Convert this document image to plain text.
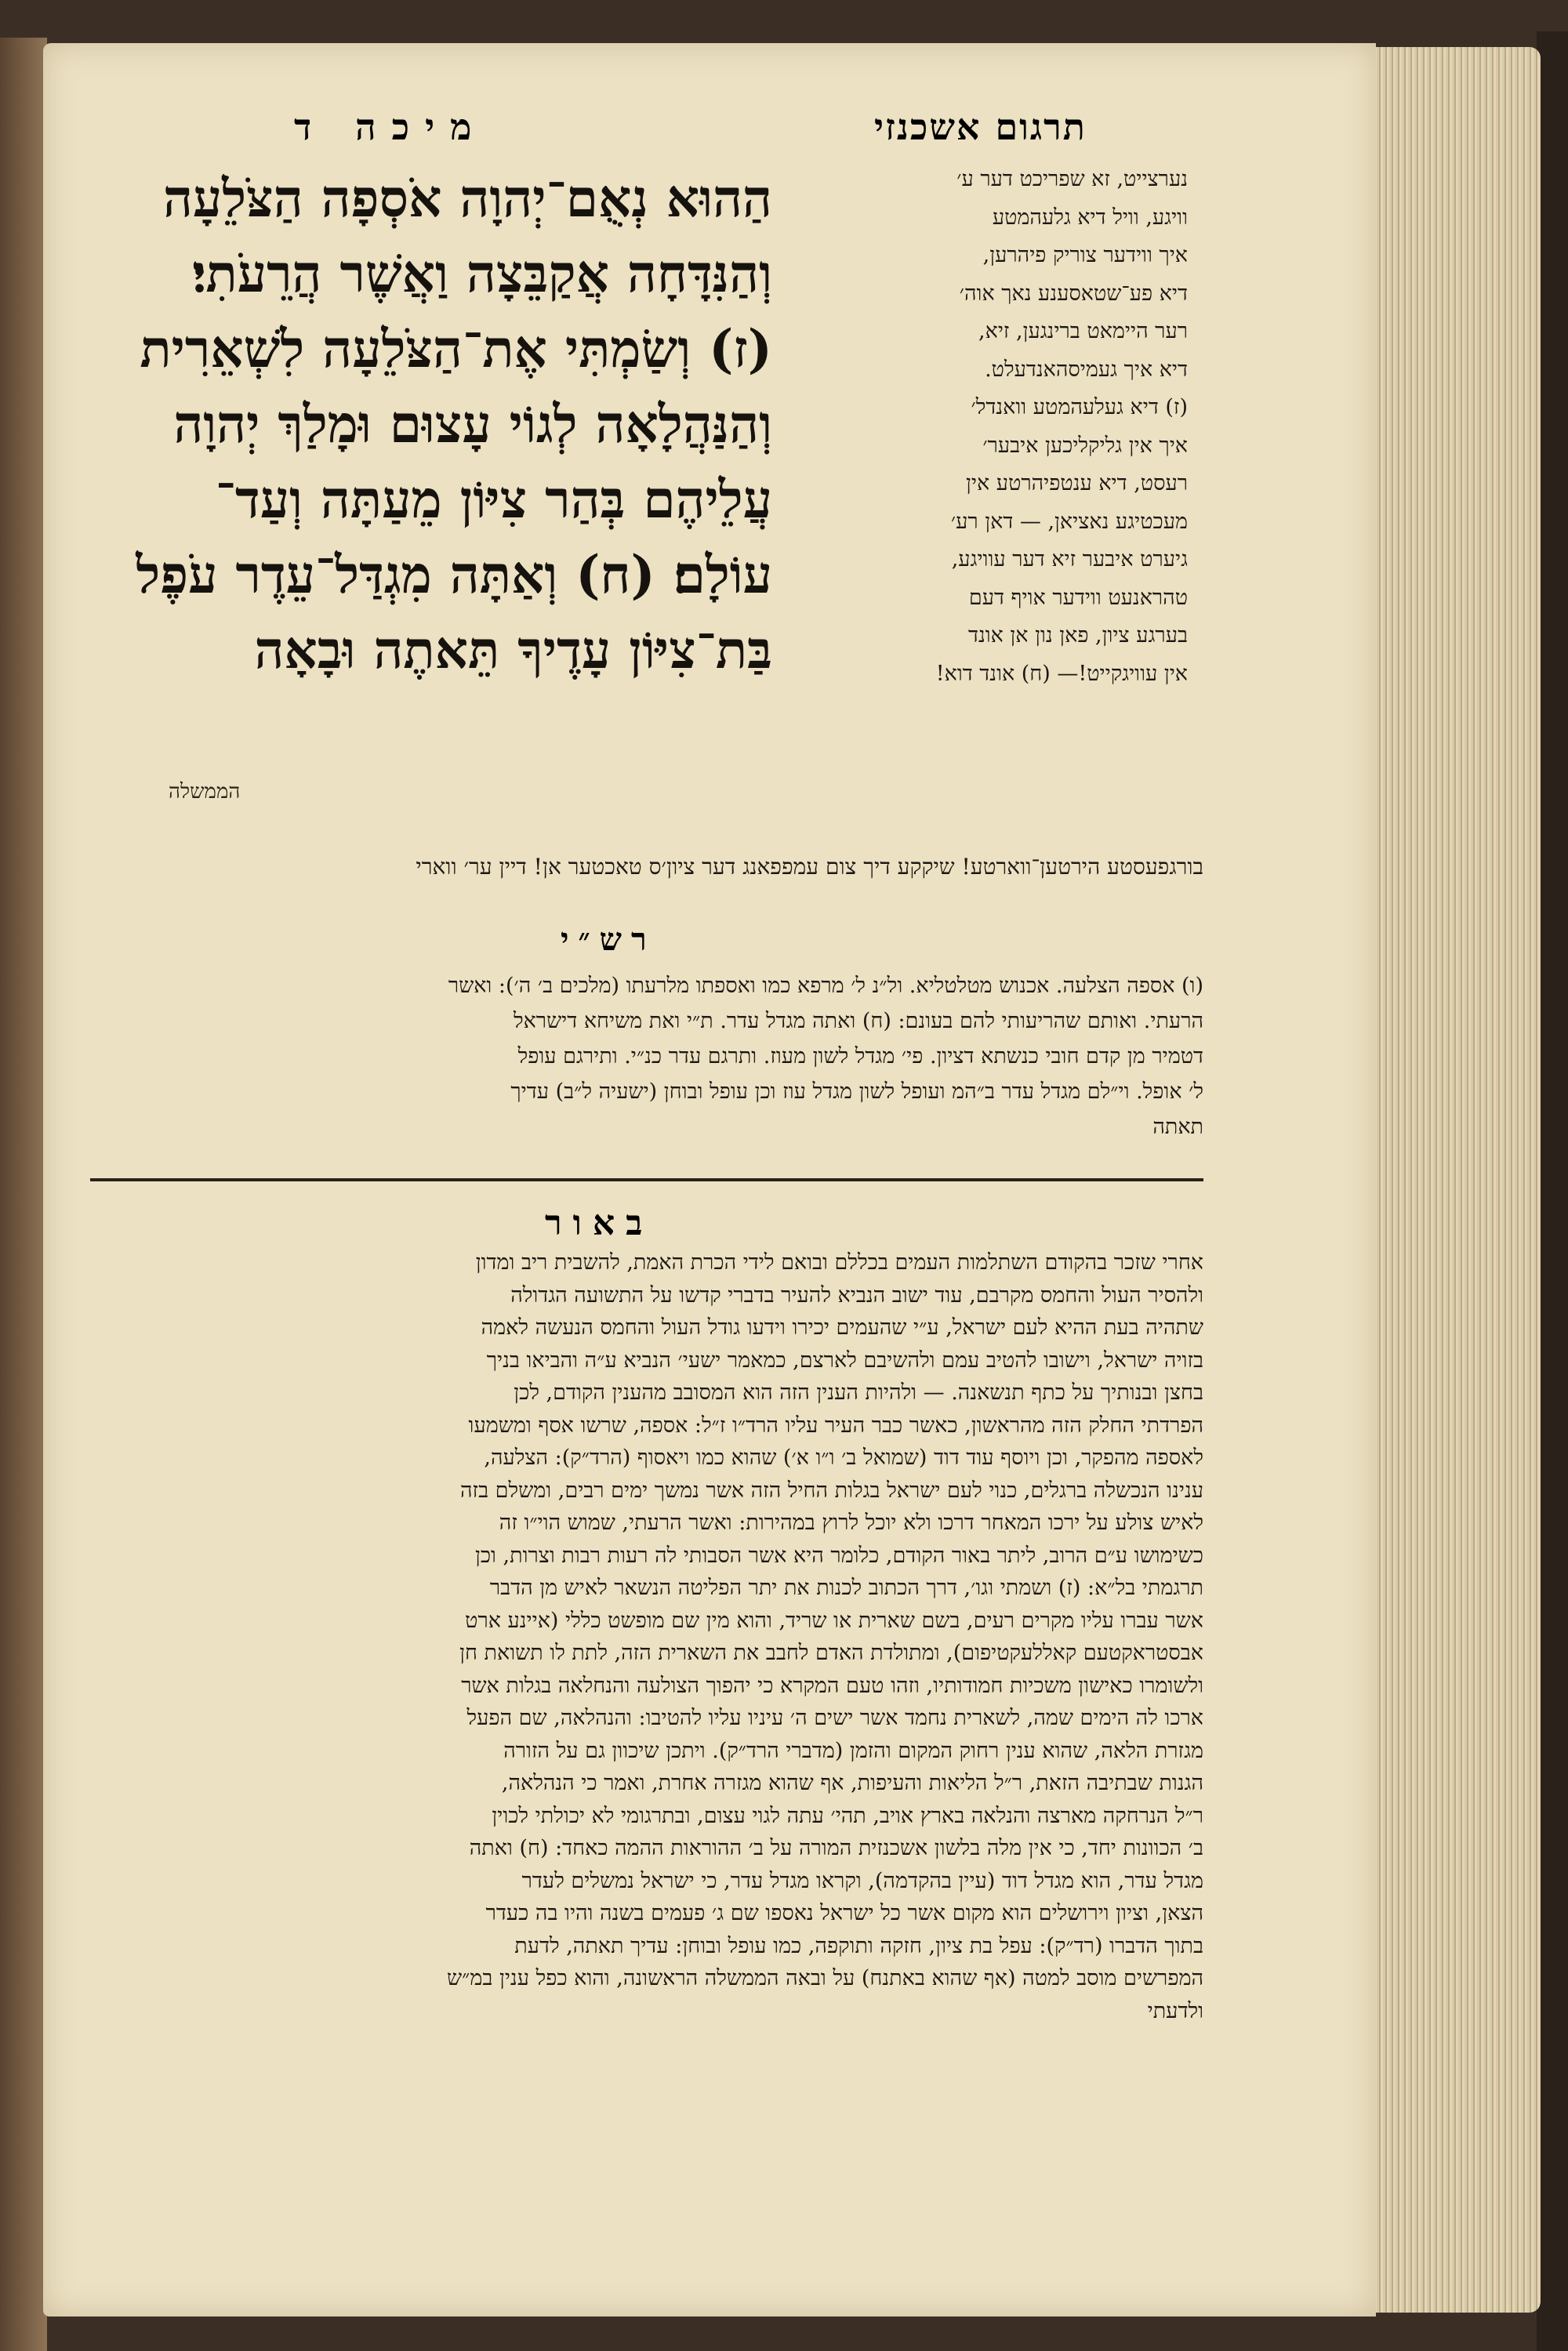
מיכה ד	תרגום אשכנזי

הַהוּא נְאֻם־יְהוָה אֹסְפָה הַצֹּלֵעָה

וְהַנִּדָּחָה אֲקַבֵּצָה וַאֲשֶׁר הֲרֵעֹתִי׃

(ז) וְשַׂמְתִּי אֶת־הַצֹּלֵעָה לִשְׁאֵרִית

וְהַנַּהֲלָאָה לְגוֹי עָצוּם וּמָלַךְ יְהוָה

עֲלֵיהֶם בְּהַר צִיּוֹן מֵעַתָּה וְעַד־

עוֹלָם׃ (ח) וְאַתָּה מִגְדַּל־עֵדֶר עֹפֶל

בַּת־צִיּוֹן עָדֶיךָ תֵּאתֶה וּבָאָה

נערצייט, זא שפריכט דער ע׳

וויגע, וויל דיא גלעהמטע

איך ווידער צוריק פיהרען,

דיא פע־שטאסענע נאך אוה׳

רער היימאט ברינגען, זיא,

דיא איך געמיסהאנדעלט.

(ז) דיא געלעהמטע וואנדל׳

איך אין גליקליכען איבער׳

רעסט, דיא ענטפיהרטע אין

מעכטיגע נאציאן, — דאן רע׳

גיערט איבער זיא דער עוויגע,

טהראנעט ווידער אויף דעם

בערגע ציון, פאן נון אן אונד

אין עוויגקייט!— (ח) אונד דוא!

הממשלה
בורגפעסטע הירטען־ווארטע! שיקקע דיך צום עמפפאנג דער ציון׳ס טאכטער אן! דיין ער׳ ווארי
רש״י

(ו) אספה הצלעה. אכנוש מטלטליא. ול״נ ל׳ מרפא כמו ואספתו מלרעתו (מלכים ב׳ ה׳): ואשר

הרעתי. ואותם שהריעותי להם בעונם: (ח) ואתה מגדל עדר. ת״י ואת משיחא דישראל

דטמיר מן קדם חובי כנשתא דציון. פי׳ מגדל לשון מעוז. ותרגם עדר כנ״י. ותירגם עופל

ל׳ אופל. וי״לם מגדל עדר ב״המ ועופל לשון מגדל עוז וכן עופל ובוחן (ישעיה ל״ב) עדיך

תאתה

באור

אחרי שזכר בהקודם השתלמות העמים בכללם ובואם לידי הכרת האמת, להשבית ריב ומדון

ולהסיר העול והחמס מקרבם, עוד ישוב הנביא להעיר בדברי קדשו על התשועה הגדולה

שתהיה בעת ההיא לעם ישראל, ע״י שהעמים יכירו וידעו גודל העול והחמס הנעשה לאמה

בזויה ישראל, וישובו להטיב עמם ולהשיבם לארצם, כמאמר ישעי׳ הנביא ע״ה והביאו בניך

בחצן ובנותיך על כתף תנשאנה. — ולהיות הענין הזה הוא המסובב מהענין הקודם, לכן

הפרדתי החלק הזה מהראשון, כאשר כבר העיר עליו הרד״ו ז״ל: אספה, שרשו אסף ומשמעו

לאספה מהפקר, וכן ויוסף עוד דוד (שמואל ב׳ ו״ו א׳) שהוא כמו ויאסוף (הרד״ק): הצלעה,

ענינו הנכשלה ברגלים, כנוי לעם ישראל בגלות החיל הזה אשר נמשך ימים רבים, ומשלם בזה

לאיש צולע על ירכו המאחר דרכו ולא יוכל לרוץ במהירות: ואשר הרעתי, שמוש הוי״ו זה

כשימושו ע״ם הרוב, ליתר באור הקודם, כלומר היא אשר הסבותי לה רעות רבות וצרות, וכן

תרגמתי בל״א: (ז) ושמתי וגו׳, דרך הכתוב לכנות את יתר הפליטה הנשאר לאיש מן הדבר

אשר עברו עליו מקרים רעים, בשם שארית או שריד, והוא מין שם מופשט כללי (איינע ארט

אבסטראקטעם קאללעקטיפום), ומתולדת האדם לחבב את השארית הזה, לתת לו תשואת חן

ולשומרו כאישון משכיות חמודותיו, וזהו טעם המקרא כי יהפוך הצולעה והנחלאה בגלות אשר

ארכו לה הימים שמה, לשארית נחמד אשר ישים ה׳ עיניו עליו להטיבו: והנהלאה, שם הפעל

מגזרת הלאה, שהוא ענין רחוק המקום והזמן (מדברי הרד״ק). ויתכן שיכוון גם על הזורה

הגנות שבתיבה הזאת, ר״ל הליאות והעיפות, אף שהוא מגזרה אחרת, ואמר כי הנהלאה,

ר״ל הנרחקה מארצה והנלאה בארץ אויב, תהי׳ עתה לגוי עצום, ובתרגומי לא יכולתי לכוין

ב׳ הכוונות יחד, כי אין מלה בלשון אשכנזית המורה על ב׳ ההוראות ההמה כאחד: (ח) ואתה

מגדל עדר, הוא מגדל דוד (עיין בהקדמה), וקראו מגדל עדר, כי ישראל נמשלים לעדר

הצאן, וציון וירושלים הוא מקום אשר כל ישראל נאספו שם ג׳ פעמים בשנה והיו בה כעדר

בתוך הדברו (רד״ק): עפל בת ציון, חזקה ותוקפה, כמו עופל ובוחן: עדיך תאתה, לדעת

המפרשים מוסב למטה (אף שהוא באתנח) על ובאה הממשלה הראשונה, והוא כפל ענין במ״ש

ולדעתי
